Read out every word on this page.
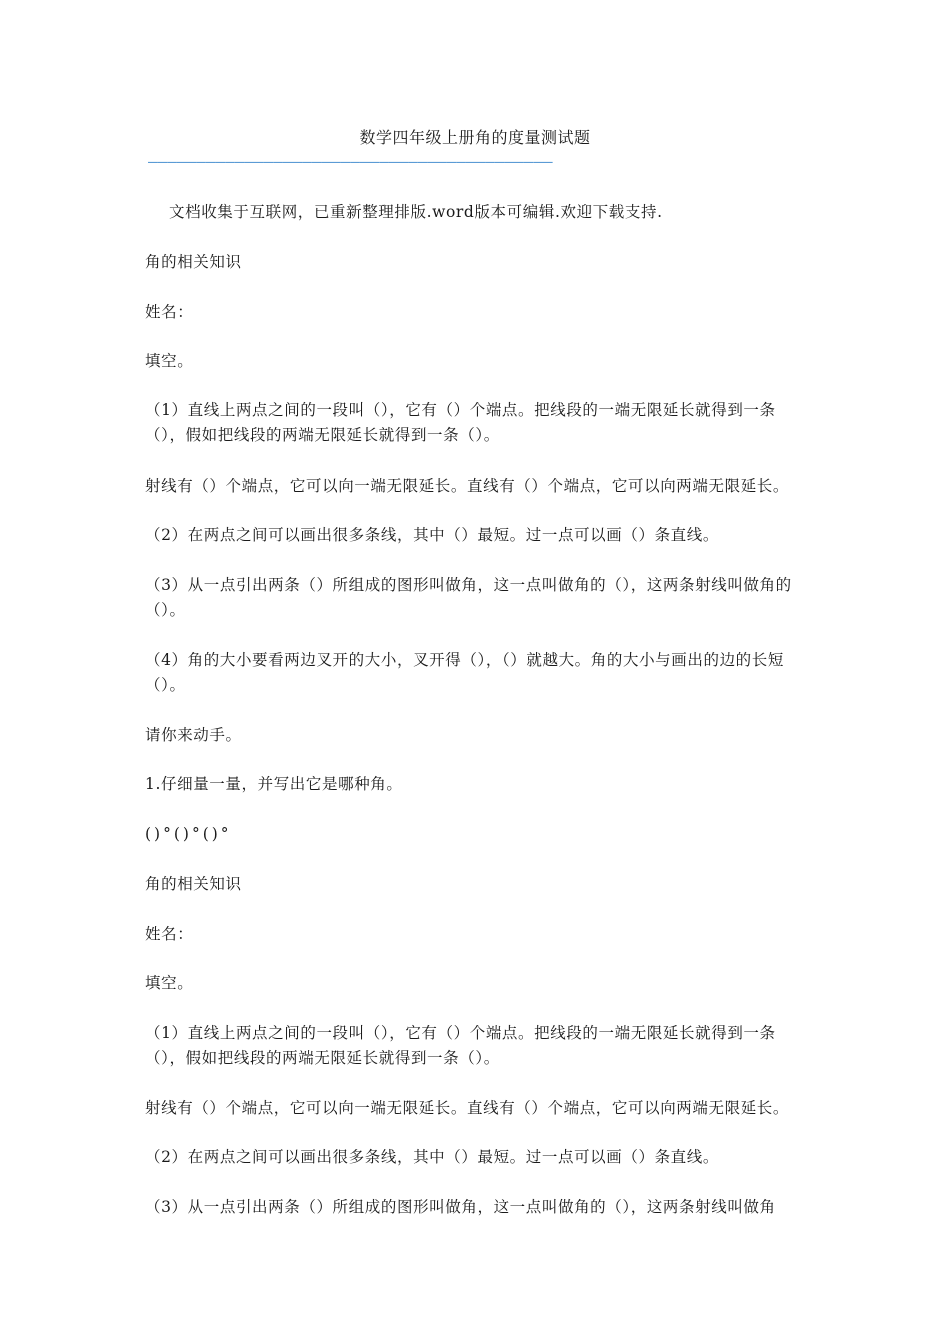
数学四年级上册角的度量测试题
——————————————————————————————————————————
文档收集于互联网，已重新整理排版.word版本可编辑.欢迎下载支持.
角的相关知识
姓名：
填空。
（1）直线上两点之间的一段叫（），它有（）个端点。把线段的一端无限延长就得到一条（），假如把线段的两端无限延长就得到一条（）。
射线有（）个端点，它可以向一端无限延长。直线有（）个端点，它可以向两端无限延长。
（2）在两点之间可以画出很多条线，其中（）最短。过一点可以画（）条直线。
（3）从一点引出两条（）所组成的图形叫做角，这一点叫做角的（），这两条射线叫做角的（）。
（4）角的大小要看两边叉开的大小，叉开得（），（）就越大。角的大小与画出的边的长短（）。
请你来动手。
1.仔细量一量，并写出它是哪种角。
()°()°()°
角的相关知识
姓名：
填空。
（1）直线上两点之间的一段叫（），它有（）个端点。把线段的一端无限延长就得到一条（），假如把线段的两端无限延长就得到一条（）。
射线有（）个端点，它可以向一端无限延长。直线有（）个端点，它可以向两端无限延长。
（2）在两点之间可以画出很多条线，其中（）最短。过一点可以画（）条直线。
（3）从一点引出两条（）所组成的图形叫做角，这一点叫做角的（），这两条射线叫做角
